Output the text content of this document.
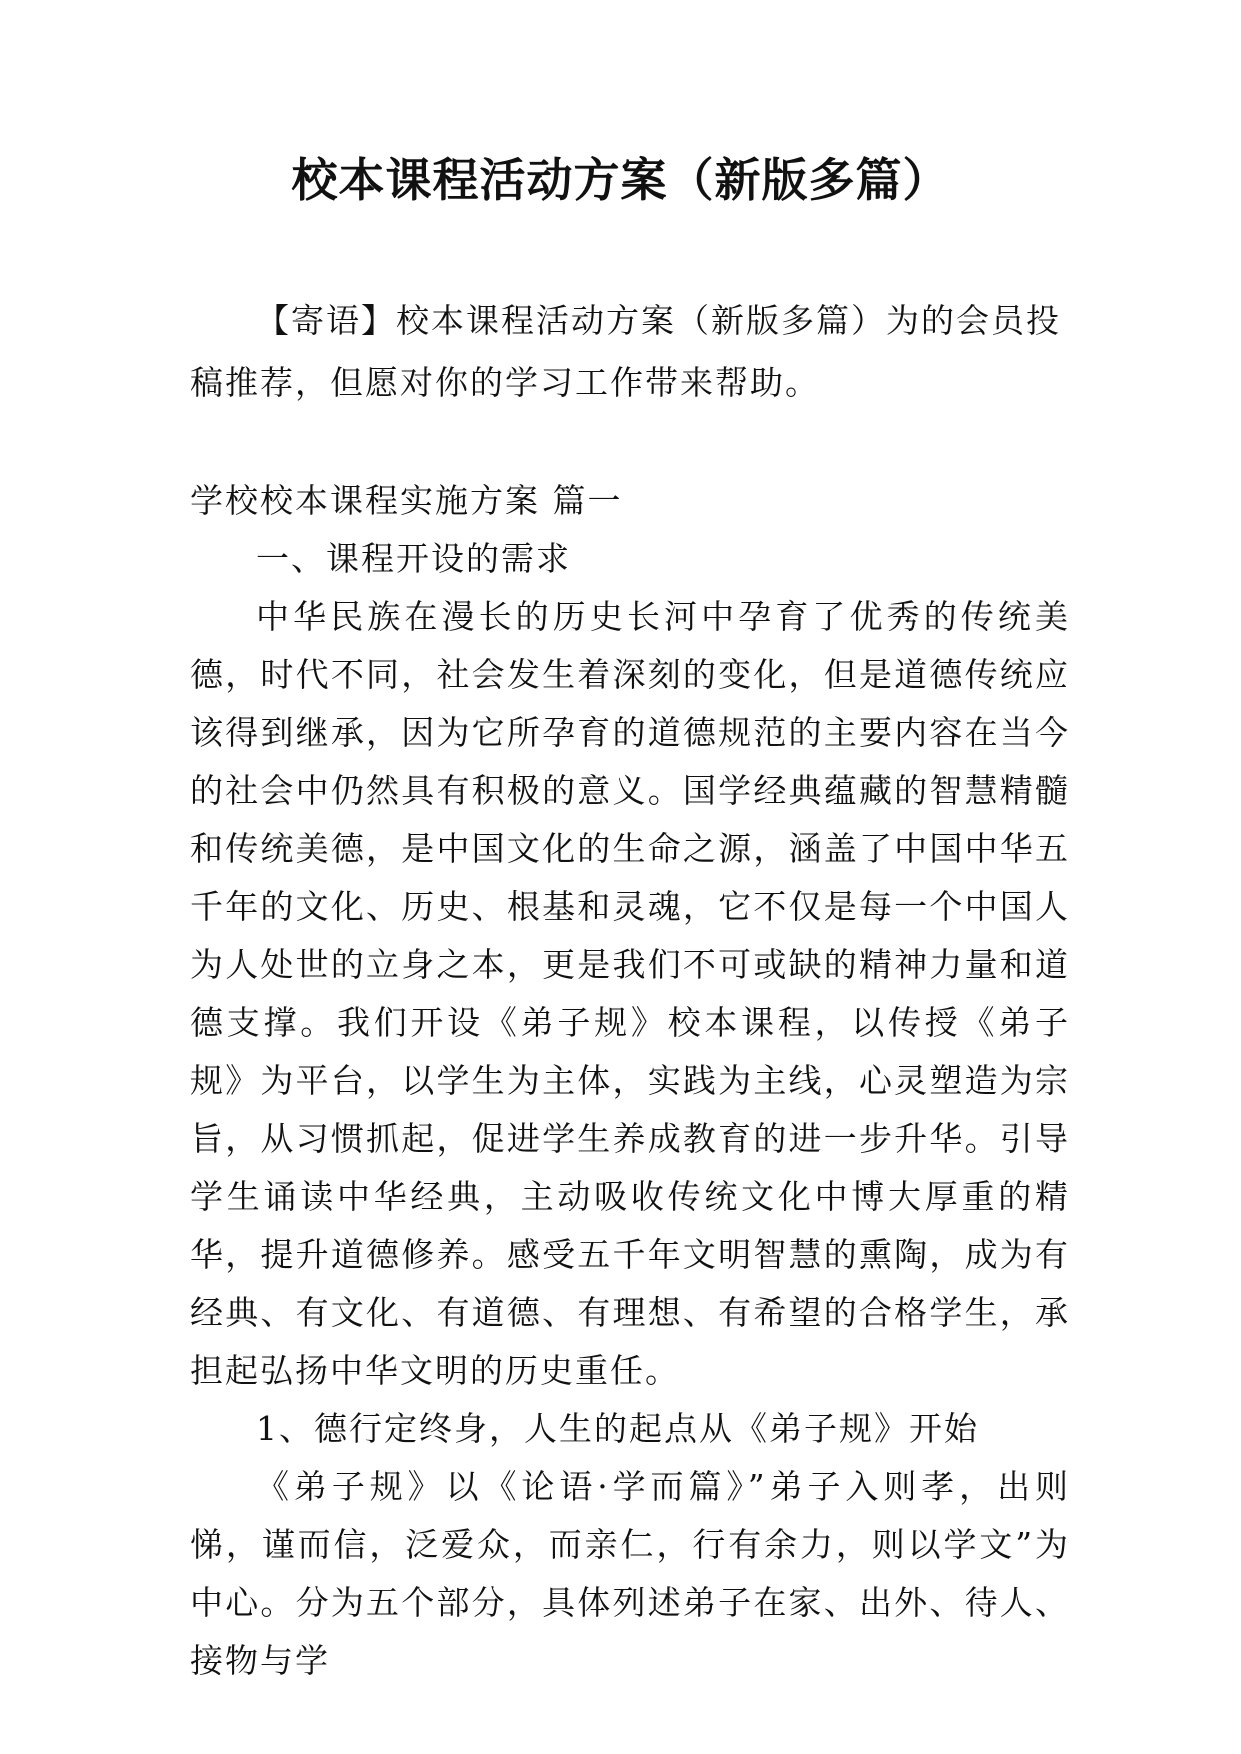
校本课程活动方案（新版多篇）

【寄语】校本课程活动方案（新版多篇）为的会员投稿推荐，但愿对你的学习工作带来帮助。

学校校本课程实施方案 篇一

一、课程开设的需求

中华民族在漫长的历史长河中孕育了优秀的传统美德，时代不同，社会发生着深刻的变化，但是道德传统应该得到继承，因为它所孕育的道德规范的主要内容在当今的社会中仍然具有积极的意义。国学经典蕴藏的智慧精髓和传统美德，是中国文化的生命之源，涵盖了中国中华五千年的文化、历史、根基和灵魂，它不仅是每一个中国人为人处世的立身之本，更是我们不可或缺的精神力量和道德支撑。我们开设《弟子规》校本课程，以传授《弟子规》为平台，以学生为主体，实践为主线，心灵塑造为宗旨，从习惯抓起，促进学生养成教育的进一步升华。引导学生诵读中华经典，主动吸收传统文化中博大厚重的精华，提升道德修养。感受五千年文明智慧的熏陶，成为有经典、有文化、有道德、有理想、有希望的合格学生，承担起弘扬中华文明的历史重任。

1、德行定终身，人生的起点从《弟子规》开始

《弟子规》以《论语·学而篇》”弟子入则孝，出则悌，谨而信，泛爱众，而亲仁，行有余力，则以学文”为中心。分为五个部分，具体列述弟子在家、出外、待人、接物与学
